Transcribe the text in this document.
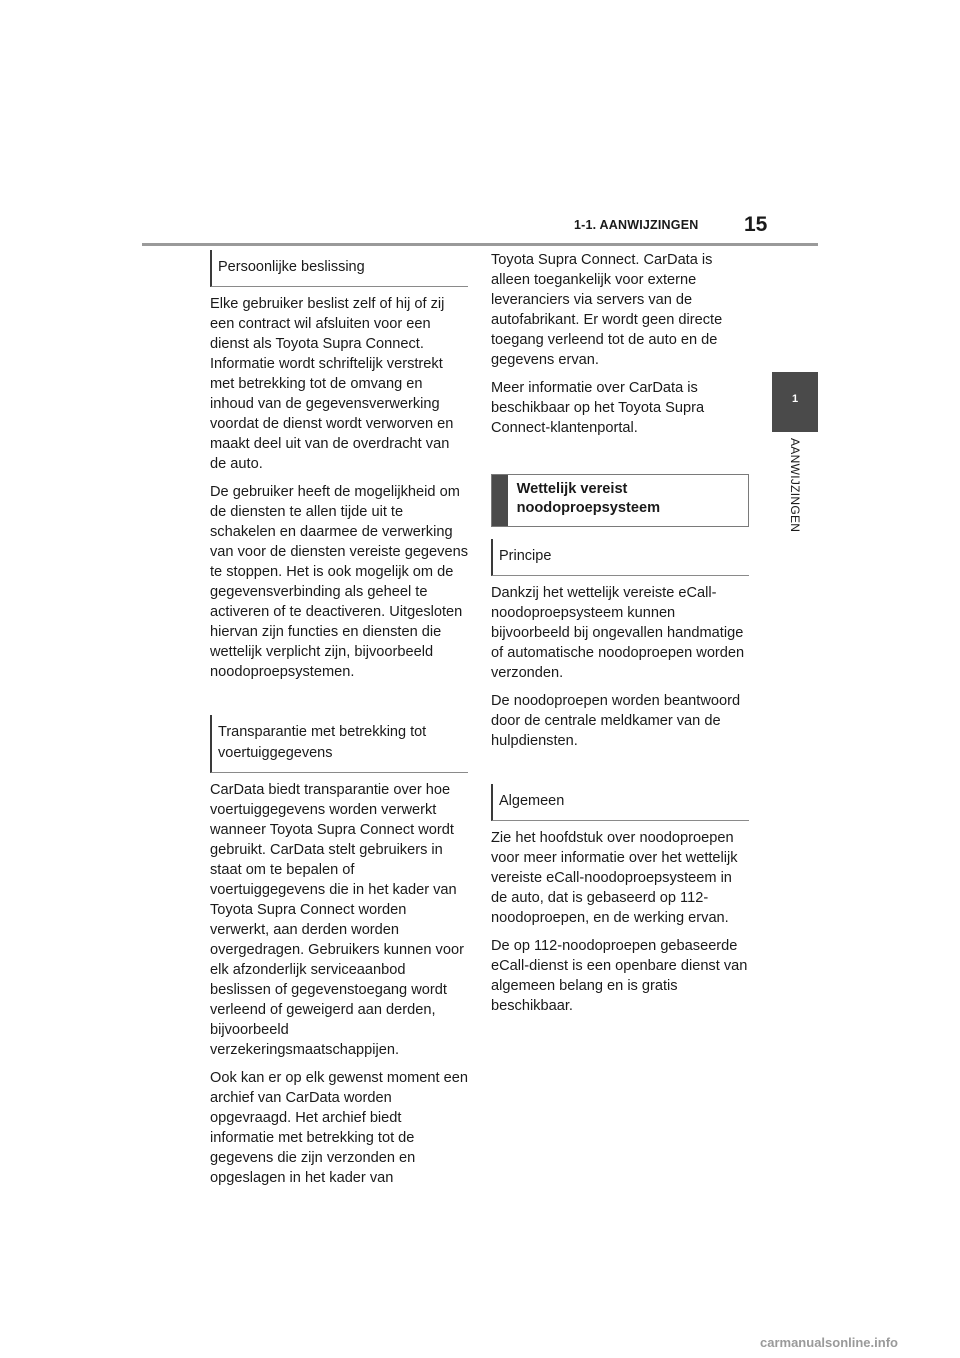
1-1. AANWIJZINGEN 15
1
AANWIJZINGEN
Persoonlijke beslissing

Elke gebruiker beslist zelf of hij of zij een contract wil afsluiten voor een dienst als Toyota Supra Connect. Informatie wordt schriftelijk verstrekt met betrekking tot de omvang en inhoud van de gegevensverwerking voordat de dienst wordt verworven en maakt deel uit van de overdracht van de auto.

De gebruiker heeft de mogelijkheid om de diensten te allen tijde uit te schakelen en daarmee de verwerking van voor de diensten vereiste gegevens te stoppen. Het is ook mogelijk om de gegevensverbinding als geheel te activeren of te deactiveren. Uitgesloten hiervan zijn functies en diensten die wettelijk verplicht zijn, bijvoorbeeld noodoproepsystemen.

Transparantie met betrekking tot voertuiggegevens

CarData biedt transparantie over hoe voertuiggegevens worden verwerkt wanneer Toyota Supra Connect wordt gebruikt. CarData stelt gebruikers in staat om te bepalen of voertuiggegevens die in het kader van Toyota Supra Connect worden verwerkt, aan derden worden overgedragen. Gebruikers kunnen voor elk afzonderlijk serviceaanbod beslissen of gegevenstoegang wordt verleend of geweigerd aan derden, bijvoorbeeld verzekeringsmaatschappijen.

Ook kan er op elk gewenst moment een archief van CarData worden opgevraagd. Het archief biedt informatie met betrekking tot de gegevens die zijn verzonden en opgeslagen in het kader van

Toyota Supra Connect. CarData is alleen toegankelijk voor externe leveranciers via servers van de autofabrikant. Er wordt geen directe toegang verleend tot de auto en de gegevens ervan.

Meer informatie over CarData is beschikbaar op het Toyota Supra Connect-klantenportal.

Wettelijk vereist noodoproepsysteem
Principe

Dankzij het wettelijk vereiste eCall-noodoproepsysteem kunnen bijvoorbeeld bij ongevallen handmatige of automatische noodoproepen worden verzonden.

De noodoproepen worden beantwoord door de centrale meldkamer van de hulpdiensten.

Algemeen

Zie het hoofdstuk over noodoproepen voor meer informatie over het wettelijk vereiste eCall-noodoproepsysteem in de auto, dat is gebaseerd op 112-noodoproepen, en de werking ervan.

De op 112-noodoproepen gebaseerde eCall-dienst is een openbare dienst van algemeen belang en is gratis beschikbaar.

carmanualsonline.info
